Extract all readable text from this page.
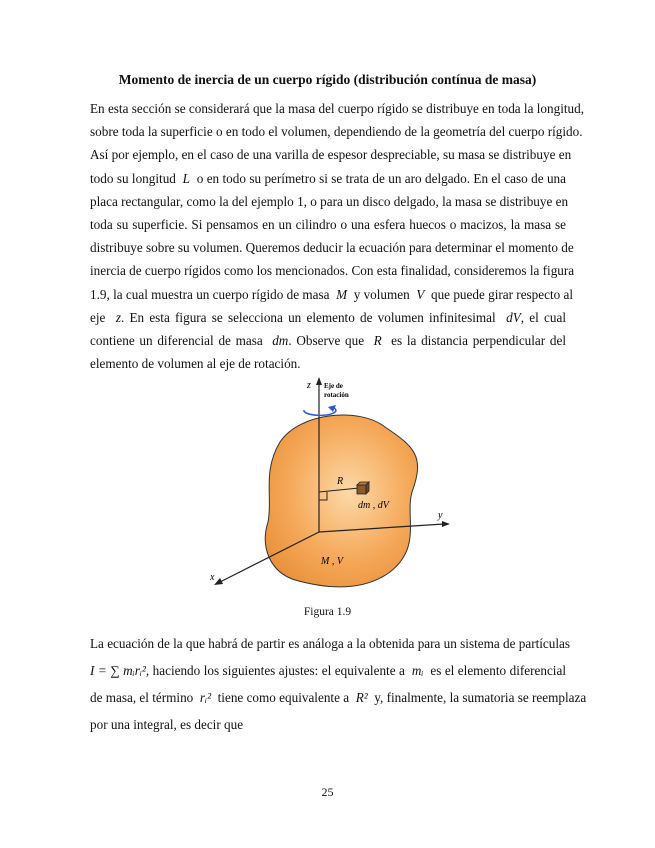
Momento de inercia de un cuerpo rígido (distribución contínua de masa)
En esta sección se considerará que la masa del cuerpo rígido se distribuye en toda la longitud,
sobre toda la superficie o en todo el volumen, dependiendo de la geometría del cuerpo rígido.
Así por ejemplo, en el caso de una varilla de espesor despreciable, su masa se distribuye en
todo su longitud L o en todo su perímetro si se trata de un aro delgado. En el caso de una
placa rectangular, como la del ejemplo 1, o para un disco delgado, la masa se distribuye en
toda su superficie. Si pensamos en un cilindro o una esfera huecos o macizos, la masa se
distribuye sobre su volumen. Queremos deducir la ecuación para determinar el momento de
inercia de cuerpo rígidos como los mencionados. Con esta finalidad, consideremos la figura
1.9, la cual muestra un cuerpo rígido de masa M y volumen V que puede girar respecto al
eje z. En esta figura se selecciona un elemento de volumen infinitesimal dV, el cual
contiene un diferencial de masa dm. Observe que R es la distancia perpendicular del
elemento de volumen al eje de rotación.
z Eje de
rotación
y
x
R
dm , dV
M , V
Figura 1.9
La ecuación de la que habrá de partir es análoga a la obtenida para un sistema de partículas
I = ∑ mᵢrᵢ², haciendo los siguientes ajustes: el equivalente a mᵢ es el elemento diferencial
de masa, el término rᵢ² tiene como equivalente a R² y, finalmente, la sumatoria se reemplaza
por una integral, es decir que
25
